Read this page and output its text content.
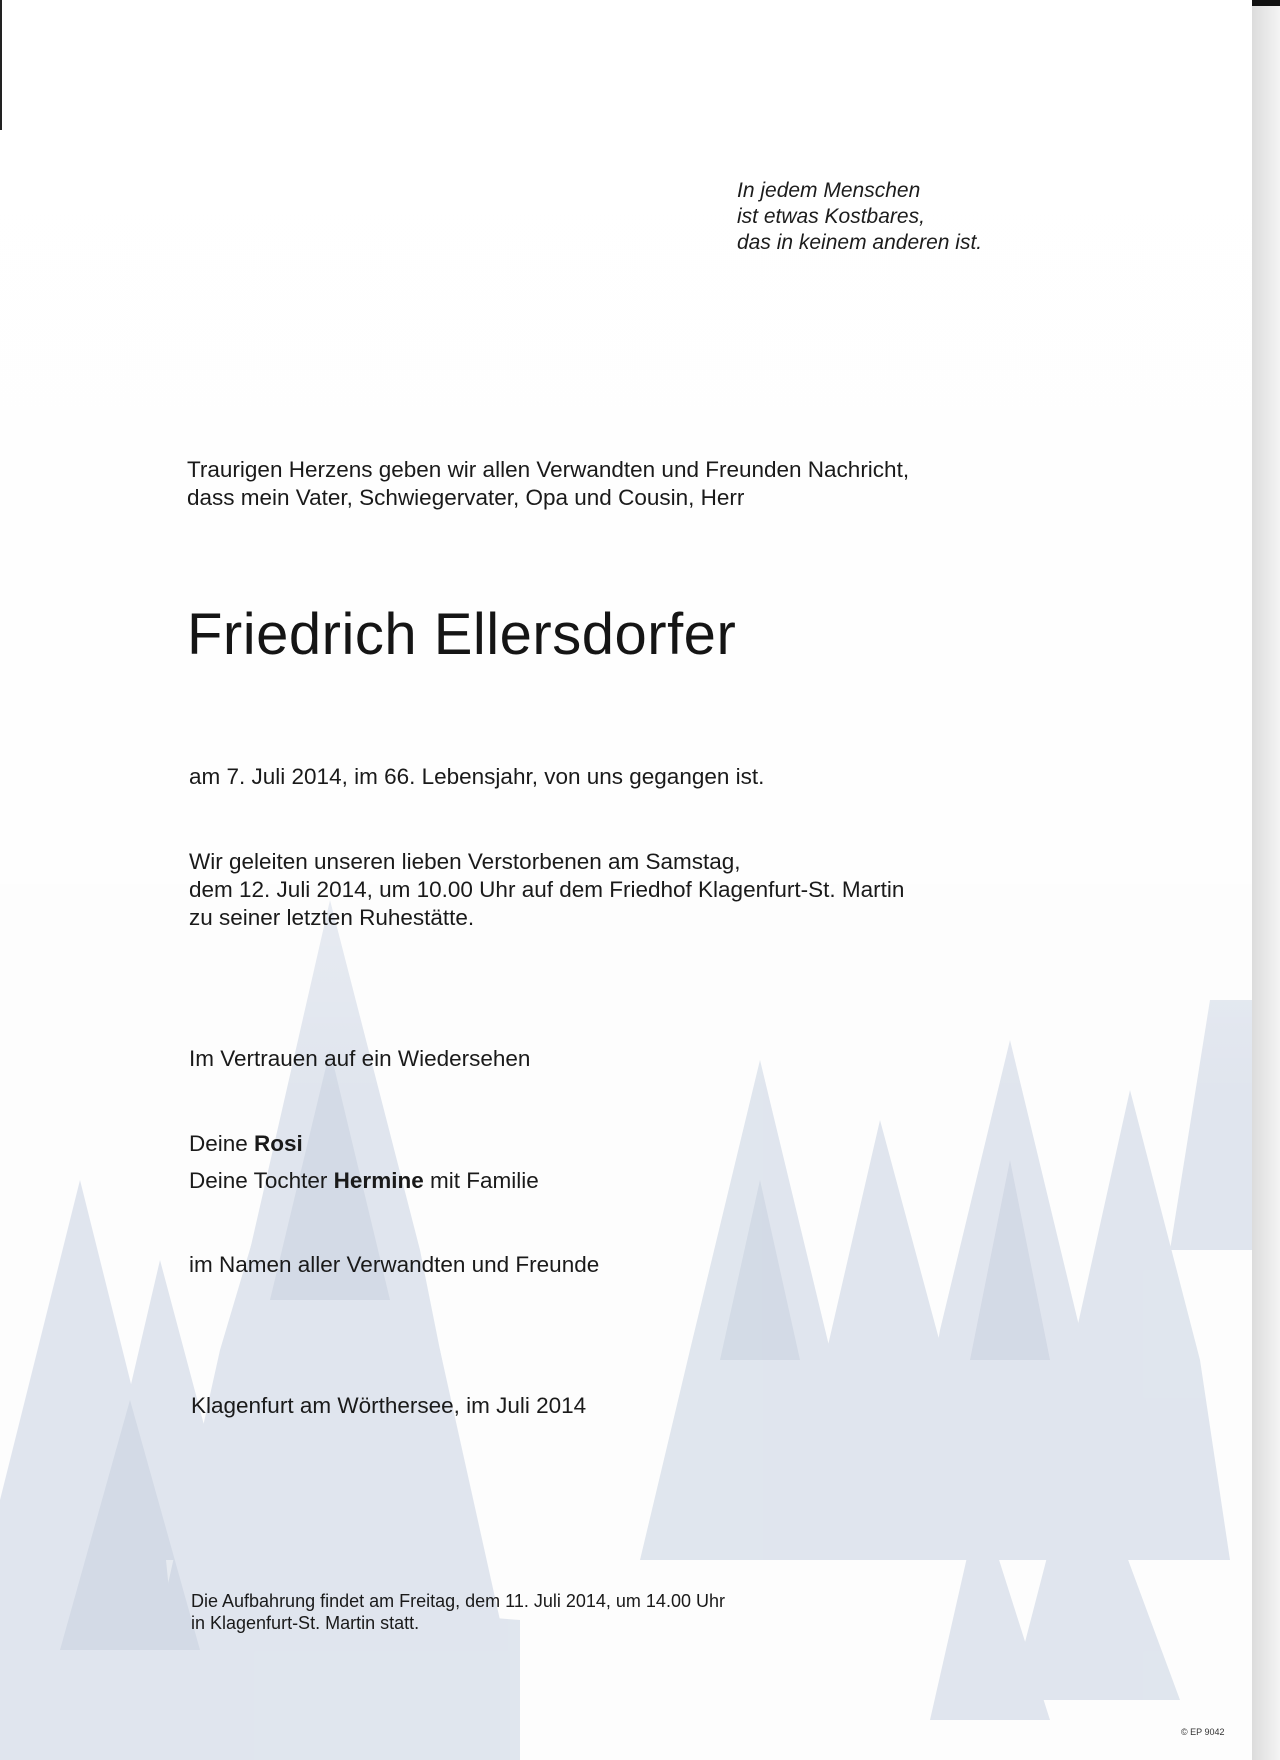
In jedem Menschen
ist etwas Kostbares,
das in keinem anderen ist.
Traurigen Herzens geben wir allen Verwandten und Freunden Nachricht,
dass mein Vater, Schwiegervater, Opa und Cousin, Herr
Friedrich Ellersdorfer
am 7. Juli 2014, im 66. Lebensjahr, von uns gegangen ist.
Wir geleiten unseren lieben Verstorbenen am Samstag,
dem 12. Juli 2014, um 10.00 Uhr auf dem Friedhof Klagenfurt-St. Martin
zu seiner letzten Ruhestätte.
Im Vertrauen auf ein Wiedersehen
Deine Rosi
Deine Tochter Hermine mit Familie
im Namen aller Verwandten und Freunde
Klagenfurt am Wörthersee, im Juli 2014
Die Aufbahrung findet am Freitag, dem 11. Juli 2014, um 14.00 Uhr
in Klagenfurt-St. Martin statt.
© EP 9042
